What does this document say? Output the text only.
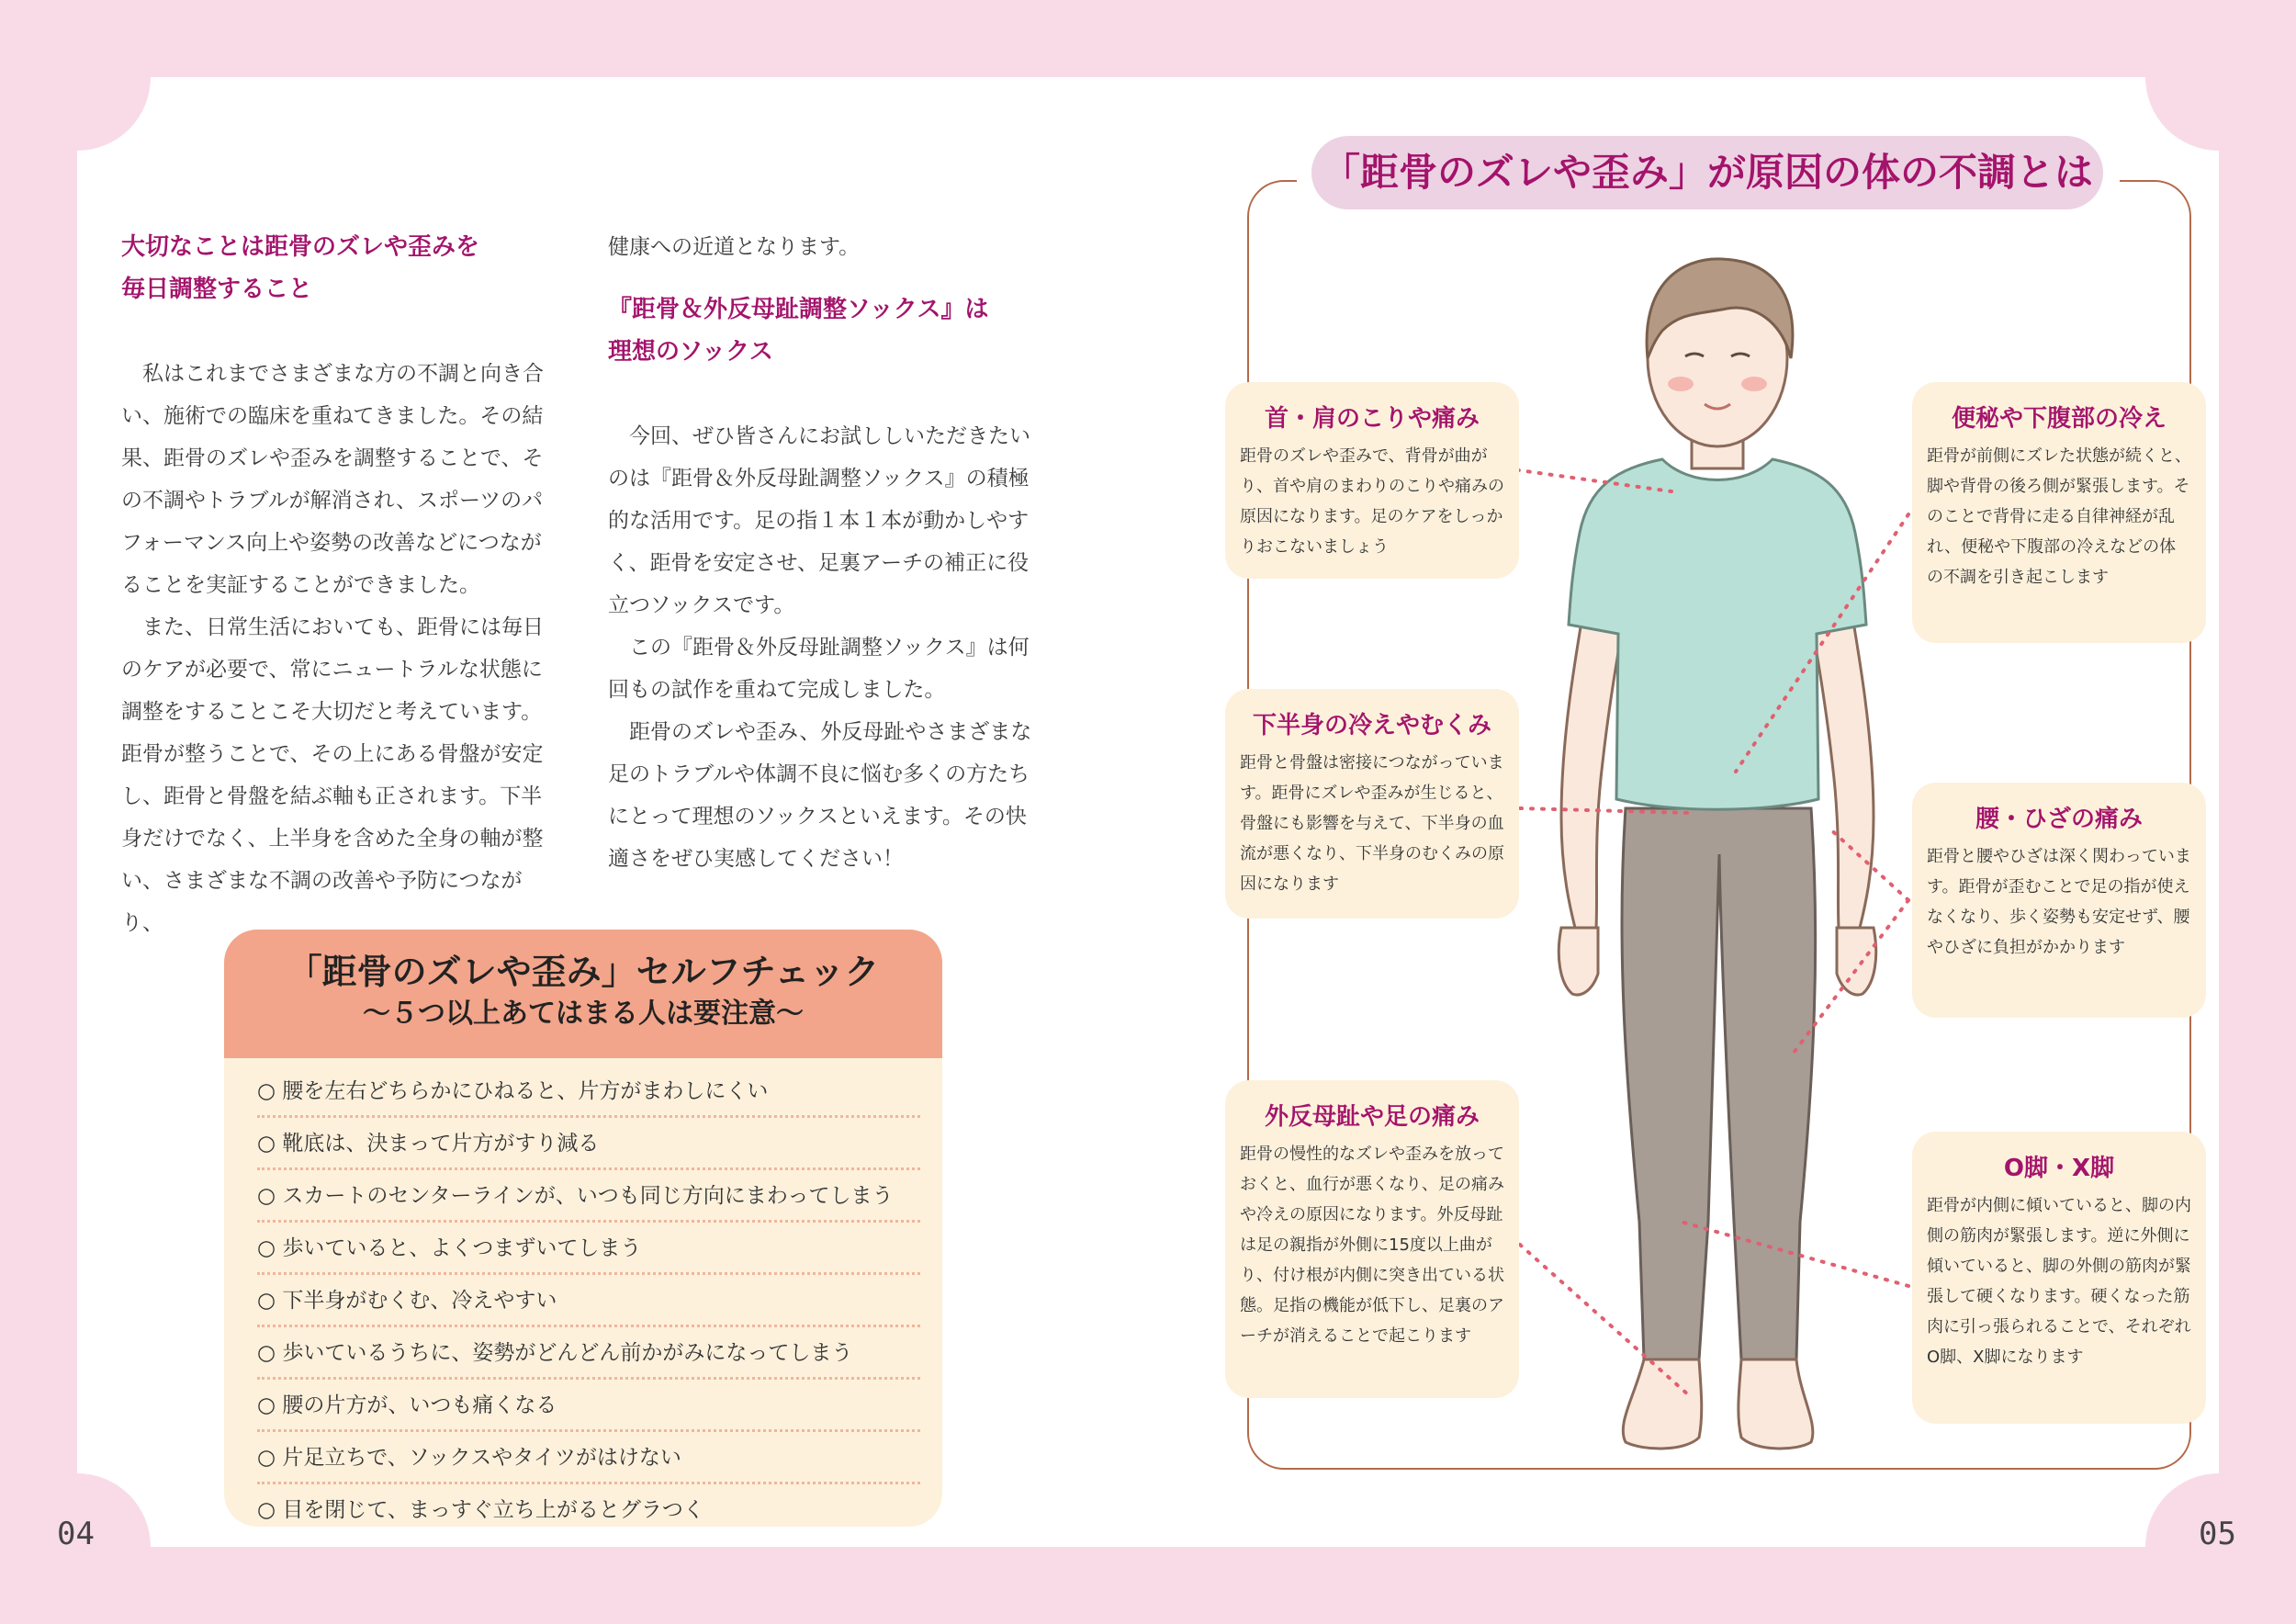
04	05
大切なことは距骨のズレや歪みを
毎日調整すること

私はこれまでさまざまな方の不調と向き合い、施術での臨床を重ねてきました。その結果、距骨のズレや歪みを調整することで、その不調やトラブルが解消され、スポーツのパフォーマンス向上や姿勢の改善などにつながることを実証することができました。

また、日常生活においても、距骨には毎日のケアが必要で、常にニュートラルな状態に調整をすることこそ大切だと考えています。距骨が整うことで、その上にある骨盤が安定し、距骨と骨盤を結ぶ軸も正されます。下半身だけでなく、上半身を含めた全身の軸が整い、さまざまな不調の改善や予防につながり、

健康への近道となります。

『距骨＆外反母趾調整ソックス』は
理想のソックス

今回、ぜひ皆さんにお試ししいただきたいのは『距骨＆外反母趾調整ソックス』の積極的な活用です。足の指１本１本が動かしやすく、距骨を安定させ、足裏アーチの補正に役立つソックスです。

この『距骨＆外反母趾調整ソックス』は何回もの試作を重ねて完成しました。

距骨のズレや歪み、外反母趾やさまざまな足のトラブルや体調不良に悩む多くの方たちにとって理想のソックスといえます。その快適さをぜひ実感してください！

「距骨のズレや歪み」セルフチェック
～５つ以上あてはまる人は要注意～
○ 腰を左右どちらかにひねると、片方がまわしにくい
○ 靴底は、決まって片方がすり減る
○ スカートのセンターラインが、いつも同じ方向にまわってしまう
○ 歩いていると、よくつまずいてしまう
○ 下半身がむくむ、冷えやすい
○ 歩いているうちに、姿勢がどんどん前かがみになってしまう
○ 腰の片方が、いつも痛くなる
○ 片足立ちで、ソックスやタイツがはけない
○ 目を閉じて、まっすぐ立ち上がるとグラつく
「距骨のズレや歪み」が原因の体の不調とは
首・肩のこりや痛み

距骨のズレや歪みで、背骨が曲がり、首や肩のまわりのこりや痛みの原因になります。足のケアをしっかりおこないましょう

下半身の冷えやむくみ

距骨と骨盤は密接につながっています。距骨にズレや歪みが生じると、骨盤にも影響を与えて、下半身の血流が悪くなり、下半身のむくみの原因になります

外反母趾や足の痛み

距骨の慢性的なズレや歪みを放っておくと、血行が悪くなり、足の痛みや冷えの原因になります。外反母趾は足の親指が外側に15度以上曲がり、付け根が内側に突き出ている状態。足指の機能が低下し、足裏のアーチが消えることで起こります

便秘や下腹部の冷え

距骨が前側にズレた状態が続くと、脚や背骨の後ろ側が緊張します。そのことで背骨に走る自律神経が乱れ、便秘や下腹部の冷えなどの体の不調を引き起こします

腰・ひざの痛み

距骨と腰やひざは深く関わっています。距骨が歪むことで足の指が使えなくなり、歩く姿勢も安定せず、腰やひざに負担がかかります

O脚・X脚

距骨が内側に傾いていると、脚の内側の筋肉が緊張します。逆に外側に傾いていると、脚の外側の筋肉が緊張して硬くなります。硬くなった筋肉に引っ張られることで、それぞれO脚、X脚になります
